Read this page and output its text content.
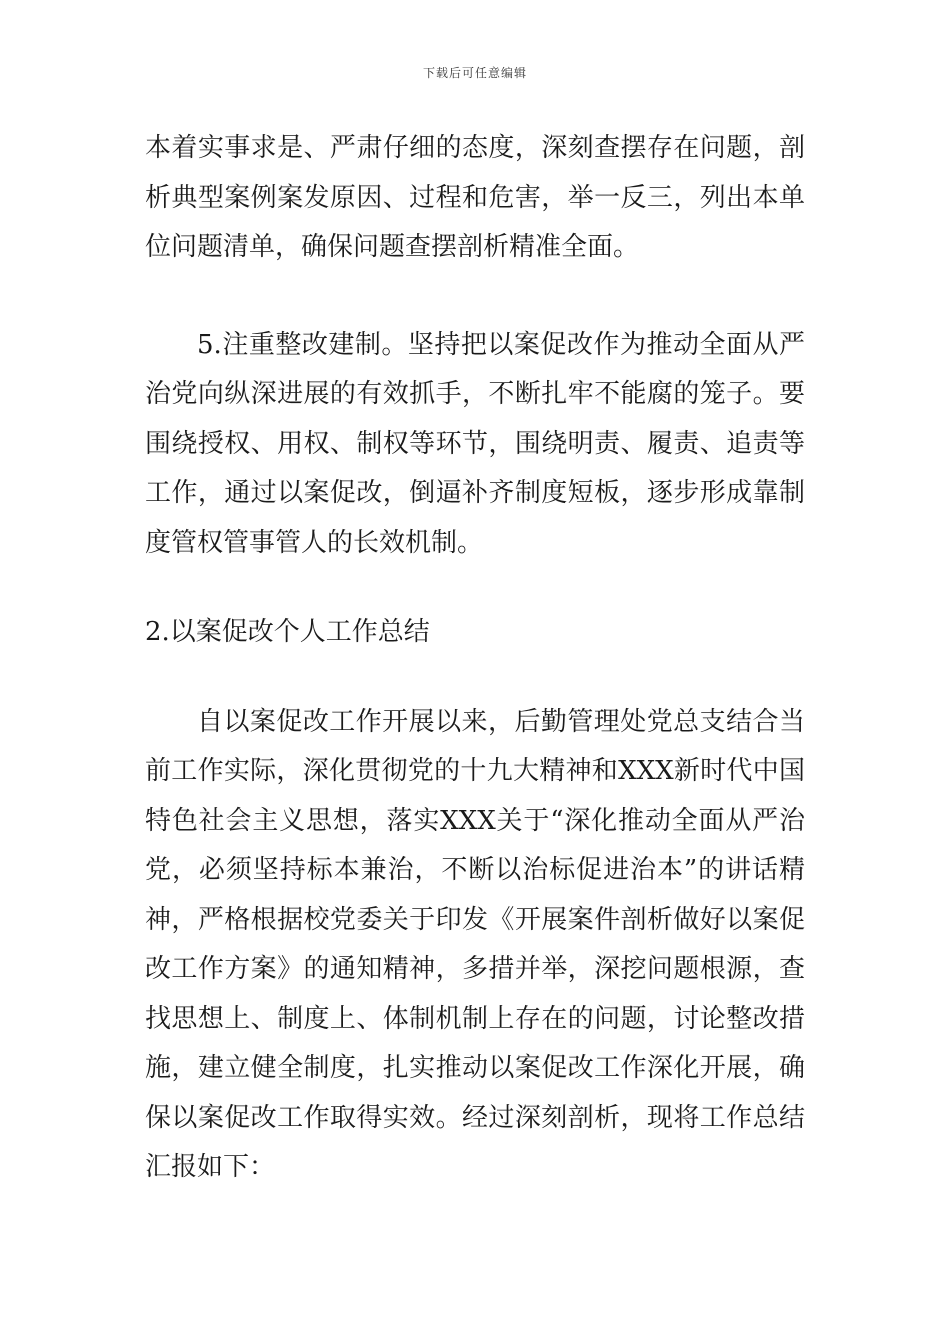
下载后可任意编辑

本着实事求是、严肃仔细的态度，深刻查摆存在问题，剖析典型案例案发原因、过程和危害，举一反三，列出本单位问题清单，确保问题查摆剖析精准全面。

5.注重整改建制。坚持把以案促改作为推动全面从严治党向纵深进展的有效抓手，不断扎牢不能腐的笼子。要围绕授权、用权、制权等环节，围绕明责、履责、追责等工作，通过以案促改，倒逼补齐制度短板，逐步形成靠制度管权管事管人的长效机制。

2.以案促改个人工作总结

自以案促改工作开展以来，后勤管理处党总支结合当前工作实际，深化贯彻党的十九大精神和XXX新时代中国特色社会主义思想，落实XXX关于“深化推动全面从严治党，必须坚持标本兼治，不断以治标促进治本”的讲话精神，严格根据校党委关于印发《开展案件剖析做好以案促改工作方案》的通知精神，多措并举，深挖问题根源，查找思想上、制度上、体制机制上存在的问题，讨论整改措施，建立健全制度，扎实推动以案促改工作深化开展，确保以案促改工作取得实效。经过深刻剖析，现将工作总结汇报如下：
